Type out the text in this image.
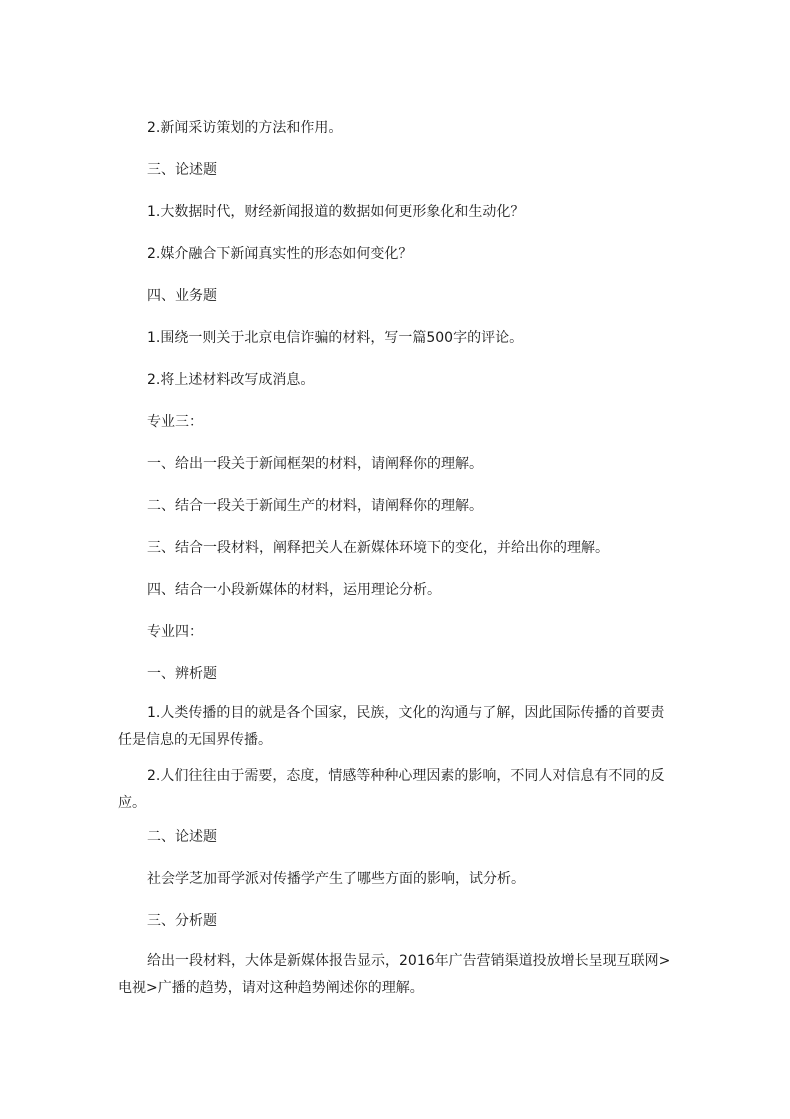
2.新闻采访策划的方法和作用。
三、论述题
1.大数据时代，财经新闻报道的数据如何更形象化和生动化？
2.媒介融合下新闻真实性的形态如何变化？
四、业务题
1.围绕一则关于北京电信诈骗的材料，写一篇500字的评论。
2.将上述材料改写成消息。
专业三：
一、给出一段关于新闻框架的材料，请阐释你的理解。
二、结合一段关于新闻生产的材料，请阐释你的理解。
三、结合一段材料，阐释把关人在新媒体环境下的变化，并给出你的理解。
四、结合一小段新媒体的材料，运用理论分析。
专业四：
一、辨析题
1.人类传播的目的就是各个国家，民族，文化的沟通与了解，因此国际传播的首要责任是信息的无国界传播。
2.人们往往由于需要，态度，情感等种种心理因素的影响，不同人对信息有不同的反应。
二、论述题
社会学芝加哥学派对传播学产生了哪些方面的影响，试分析。
三、分析题
给出一段材料，大体是新媒体报告显示，2016年广告营销渠道投放增长呈现互联网>电视>广播的趋势，请对这种趋势阐述你的理解。
